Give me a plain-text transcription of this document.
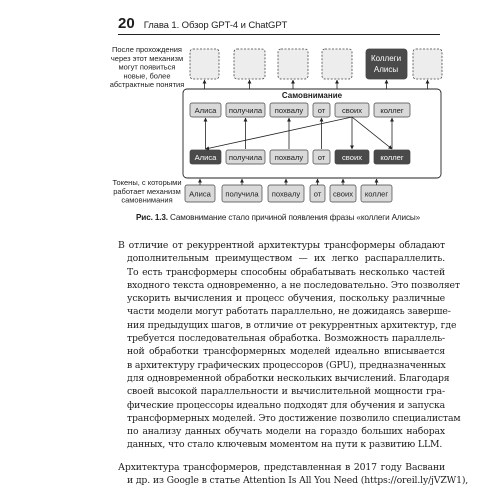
20 Глава 1. Обзор GPT-4 и ChatGPT
Коллеги
Алисы
После прохождения
через этот механизм
могут появиться
новые, более
абстрактные понятия
Самовнимание
Алиса получила похвалу от своих коллег
Алиса получила похвалу от своих коллег
Алиса получила похвалу от своих коллег
Токены, с которыми
работает механизм
самовнимания
Рис. 1.3. Самовнимание стало причиной появления фразы «коллеги Алисы»
В отличие от рекуррентной архитектуры трансформеры обладают
дополнительным преимуществом — их легко распараллелить.
То есть трансформеры способны обрабатывать несколько частей
входного текста одновременно, а не последовательно. Это позволяет
ускорить вычисления и процесс обучения, поскольку различные
части модели могут работать параллельно, не дожидаясь заверше-
ния предыдущих шагов, в отличие от рекуррентных архитектур, где
требуется последовательная обработка. Возможность параллель-
ной обработки трансформерных моделей идеально вписывается
в архитектуру графических процессоров (GPU), предназначенных
для одновременной обработки нескольких вычислений. Благодаря
своей высокой параллельности и вычислительной мощности гра-
фические процессоры идеально подходят для обучения и запуска
трансформерных моделей. Это достижение позволило специалистам
по анализу данных обучать модели на гораздо больших наборах
данных, что стало ключевым моментом на пути к развитию LLM.
Архитектура трансформеров, представленная в 2017 году Васвани
и др. из Google в статье Attention Is All You Need (https://oreil.ly/jVZW1),
